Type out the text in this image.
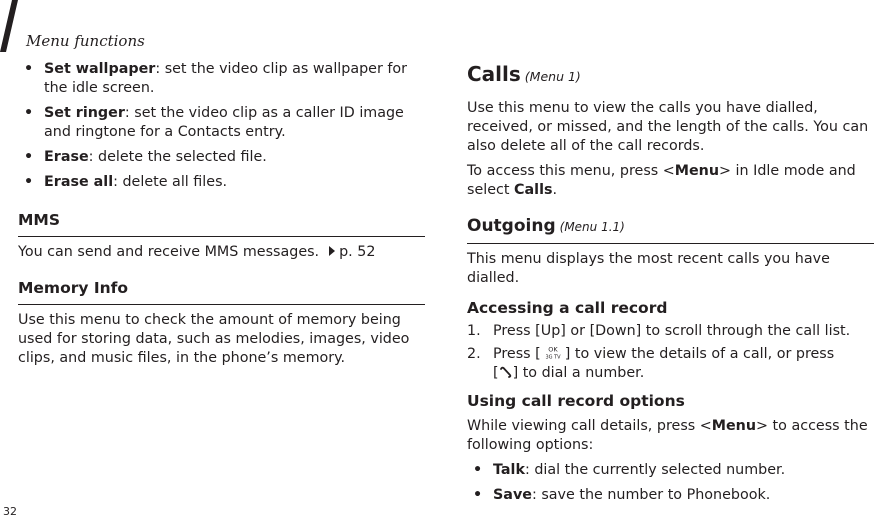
Menu functions
32
• Set wallpaper: set the video clip as wallpaper for the idle screen.
• Set ringer: set the video clip as a caller ID image and ringtone for a Contacts entry.
• Erase: delete the selected file.
• Erase all: delete all files.
MMS

You can send and receive MMS messages. p. 52

Memory Info

Use this menu to check the amount of memory being used for storing data, such as melodies, images, video clips, and music files, in the phone’s memory.

Calls (Menu 1)

Use this menu to view the calls you have dialled, received, or missed, and the length of the calls. You can also delete all of the call records.

To access this menu, press <Menu> in Idle mode and select Calls.

Outgoing (Menu 1.1)

This menu displays the most recent calls you have dialled.

Accessing a call record
1. Press [Up] or [Down] to scroll through the call list.
2. Press [ OK
3G TV ] to view the details of a call, or press
[ ] to dial a number.
Using call record options

While viewing call details, press <Menu> to access the following options:

• Talk: dial the currently selected number.
• Save: save the number to Phonebook.
